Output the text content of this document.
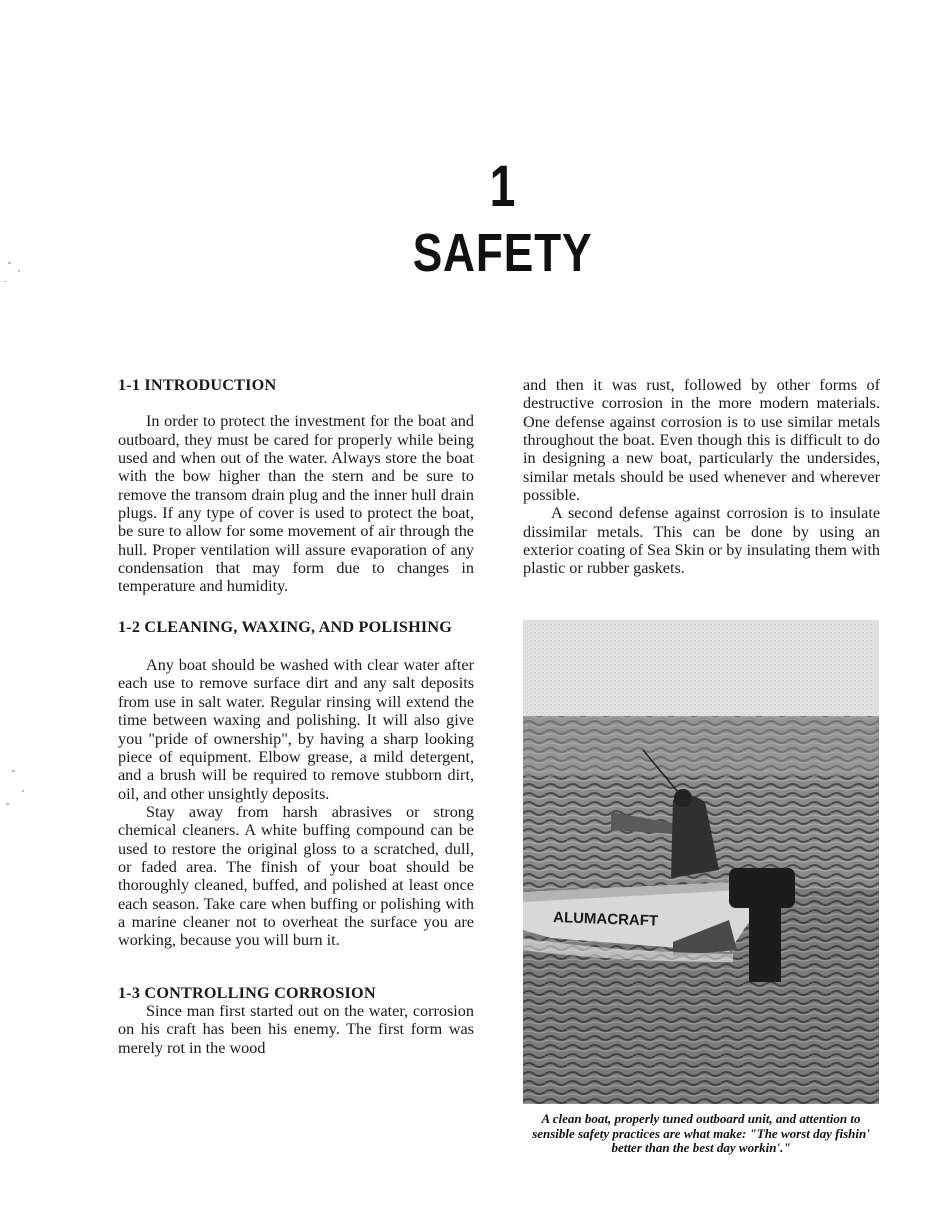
1
SAFETY
1-1 INTRODUCTION

In order to protect the investment for the boat and outboard, they must be cared for properly while being used and when out of the water. Always store the boat with the bow higher than the stern and be sure to remove the transom drain plug and the inner hull drain plugs. If any type of cover is used to protect the boat, be sure to allow for some movement of air through the hull. Proper ventilation will assure evaporation of any condensation that may form due to changes in temperature and humidity.

1-2 CLEANING, WAXING, AND POLISHING

Any boat should be washed with clear water after each use to remove surface dirt and any salt deposits from use in salt water. Regular rinsing will extend the time between waxing and polishing. It will also give you "pride of ownership", by having a sharp looking piece of equipment. Elbow grease, a mild detergent, and a brush will be required to remove stubborn dirt, oil, and other unsightly deposits.

Stay away from harsh abrasives or strong chemical cleaners. A white buffing compound can be used to restore the original gloss to a scratched, dull, or faded area. The finish of your boat should be thoroughly cleaned, buffed, and polished at least once each season. Take care when buffing or polishing with a marine cleaner not to overheat the surface you are working, because you will burn it.

1-3 CONTROLLING CORROSION

Since man first started out on the water, corrosion on his craft has been his enemy. The first form was merely rot in the wood

and then it was rust, followed by other forms of destructive corrosion in the more modern materials. One defense against corrosion is to use similar metals throughout the boat. Even though this is difficult to do in designing a new boat, particularly the undersides, similar metals should be used whenever and wherever possible.

A second defense against corrosion is to insulate dissimilar metals. This can be done by using an exterior coating of Sea Skin or by insulating them with plastic or rubber gaskets.

ALUMACRAFT
A clean boat, properly tuned outboard unit, and attention to sensible safety practices are what make: "The worst day fishin' better than the best day workin'."
